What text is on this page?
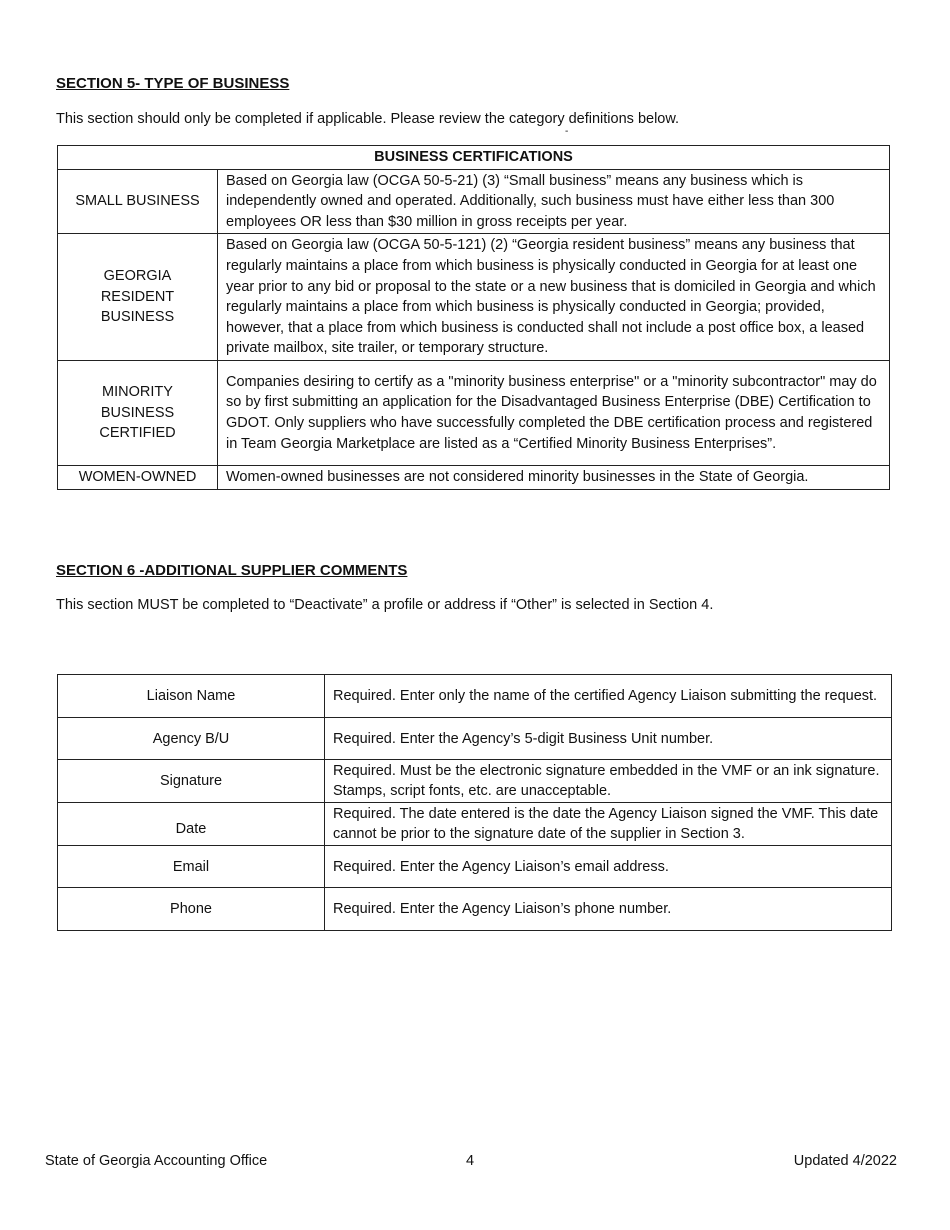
SECTION 5- TYPE OF BUSINESS
This section should only be completed if applicable. Please review the category definitions below.
-
BUSINESS CERTIFICATIONS	
SMALL BUSINESS	Based on Georgia law (OCGA 50-5-21) (3) “Small business” means any business which is independently owned and operated. Additionally, such business must have either less than 300 employees OR less than $30 million in gross receipts per year.
GEORGIA RESIDENT BUSINESS	Based on Georgia law (OCGA 50-5-121) (2) “Georgia resident business” means any business that regularly maintains a place from which business is physically conducted in Georgia for at least one year prior to any bid or proposal to the state or a new business that is domiciled in Georgia and which regularly maintains a place from which business is physically conducted in Georgia; provided, however, that a place from which business is conducted shall not include a post office box, a leased private mailbox, site trailer, or temporary structure.
MINORITY BUSINESS CERTIFIED	Companies desiring to certify as a "minority business enterprise" or a "minority subcontractor" may do so by first submitting an application for the Disadvantaged Business Enterprise (DBE) Certification to GDOT. Only suppliers who have successfully completed the DBE certification process and registered in Team Georgia Marketplace are listed as a “Certified Minority Business Enterprises”.
WOMEN-OWNED	Women-owned businesses are not considered minority businesses in the State of Georgia.
SECTION 6 -ADDITIONAL SUPPLIER COMMENTS
This section MUST be completed to “Deactivate” a profile or address if “Other” is selected in Section 4.
Liaison Name	Required. Enter only the name of the certified Agency Liaison submitting the request.
Agency B/U	Required. Enter the Agency’s 5-digit Business Unit number.
Signature	Required. Must be the electronic signature embedded in the VMF or an ink signature. Stamps, script fonts, etc. are unacceptable.
Date	Required. The date entered is the date the Agency Liaison signed the VMF. This date cannot be prior to the signature date of the supplier in Section 3.
Email	Required. Enter the Agency Liaison’s email address.
Phone	Required. Enter the Agency Liaison’s phone number.
State of Georgia Accounting Office	4	Updated 4/2022
